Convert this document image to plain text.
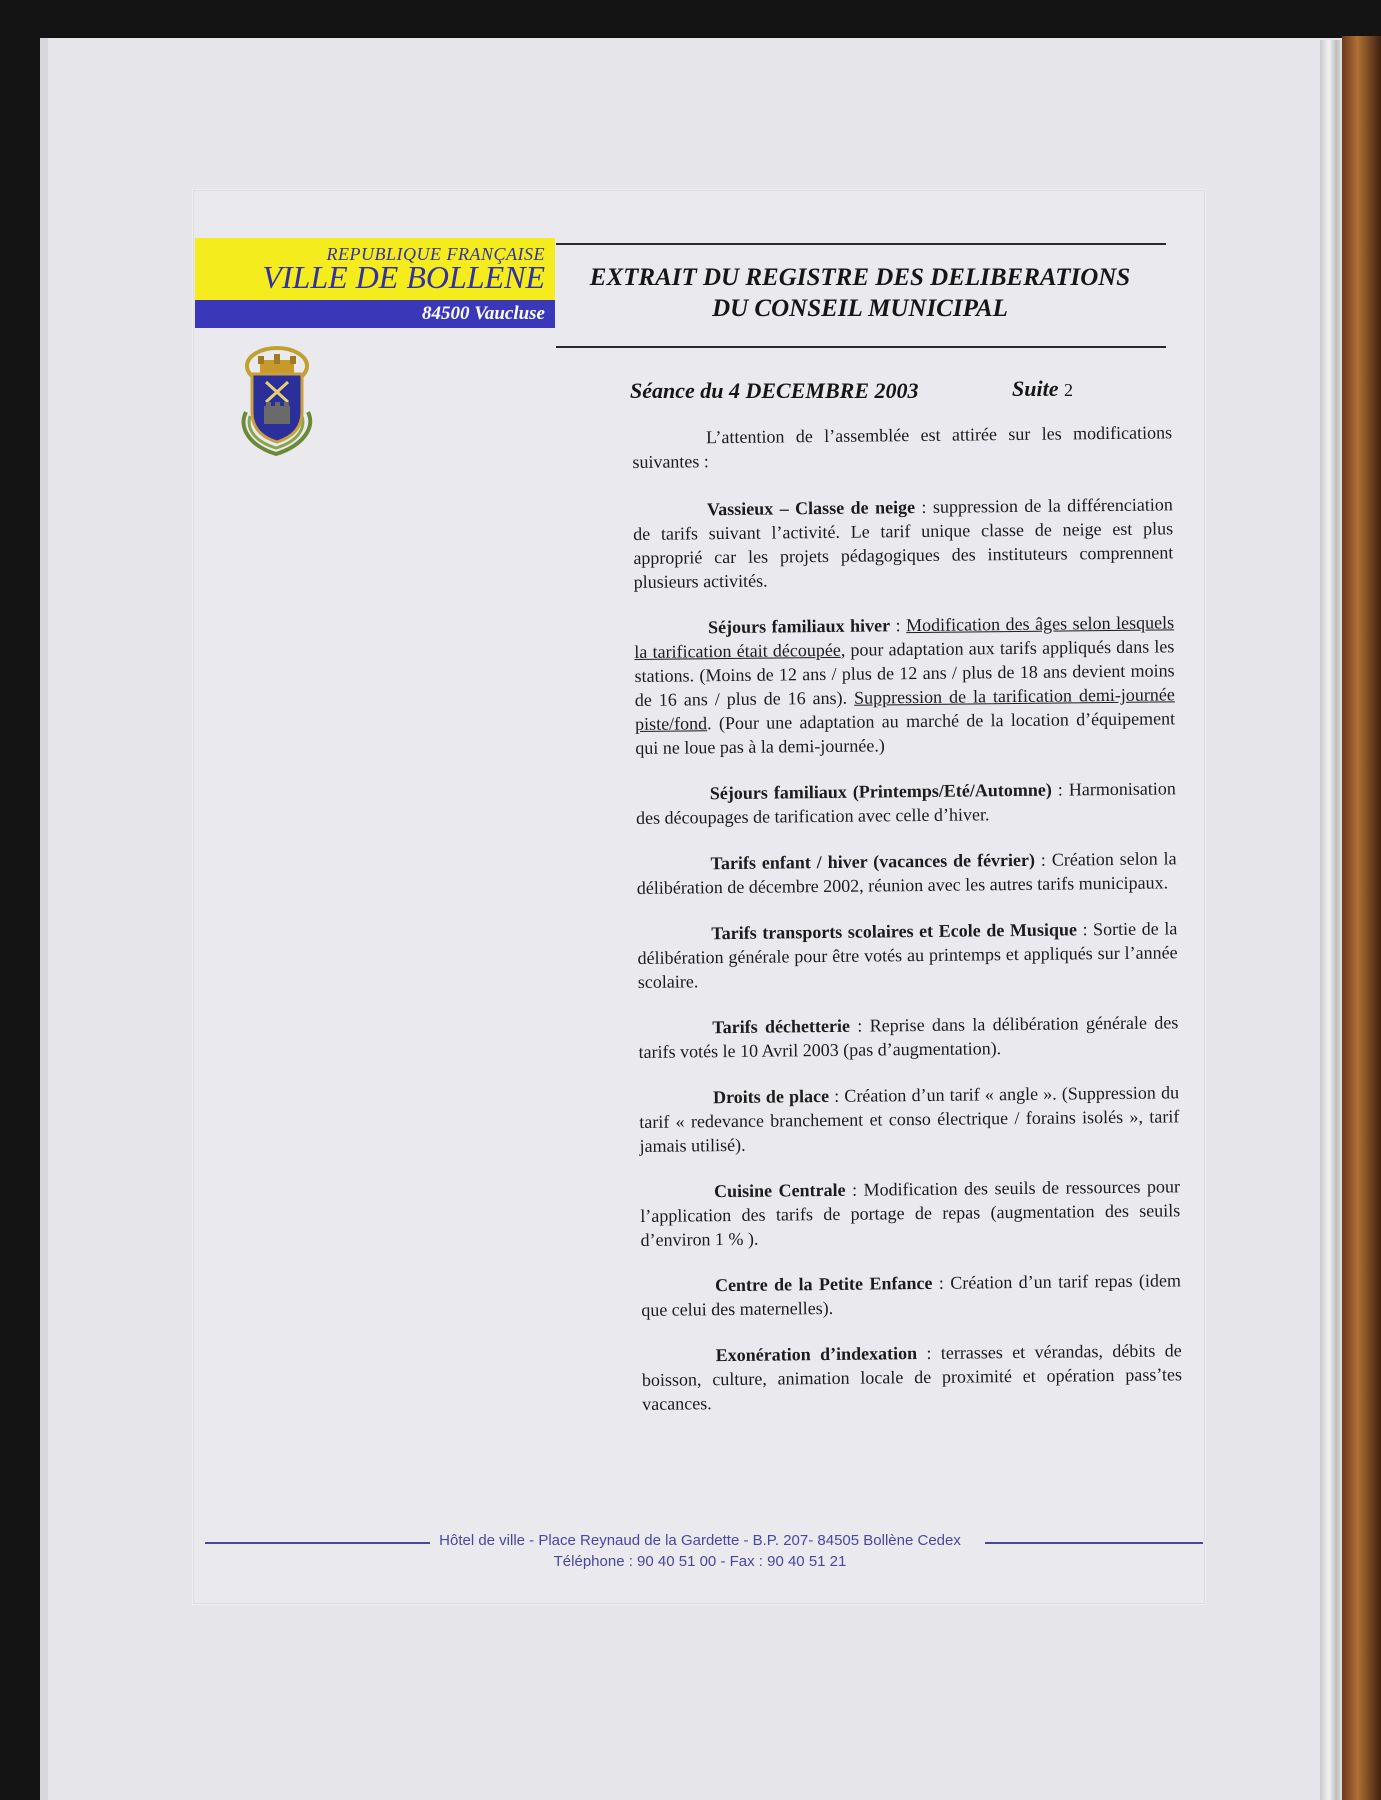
REPUBLIQUE FRANÇAISE
VILLE DE BOLLENE
84500 Vaucluse
EXTRAIT DU REGISTRE DES DELIBERATIONS
DU CONSEIL MUNICIPAL
Séance du 4 DECEMBRE 2003	Suite 2

L’attention de l’assemblée est attirée sur les modifications suivantes :

Vassieux – Classe de neige : suppression de la différenciation de tarifs suivant l’activité. Le tarif unique classe de neige est plus approprié car les projets pédagogiques des instituteurs comprennent plusieurs activités.

Séjours familiaux hiver : Modification des âges selon lesquels la tarification était découpée, pour adaptation aux tarifs appliqués dans les stations. (Moins de 12 ans / plus de 12 ans / plus de 18 ans devient moins de 16 ans / plus de 16 ans). Suppression de la tarification demi-journée piste/fond. (Pour une adaptation au marché de la location d’équipement qui ne loue pas à la demi-journée.)

Séjours familiaux (Printemps/Eté/Automne) : Harmonisation des découpages de tarification avec celle d’hiver.

Tarifs enfant / hiver (vacances de février) : Création selon la délibération de décembre 2002, réunion avec les autres tarifs municipaux.

Tarifs transports scolaires et Ecole de Musique : Sortie de la délibération générale pour être votés au printemps et appliqués sur l’année scolaire.

Tarifs déchetterie : Reprise dans la délibération générale des tarifs votés le 10 Avril 2003 (pas d’augmentation).

Droits de place : Création d’un tarif « angle ». (Suppression du tarif « redevance branchement et conso électrique / forains isolés », tarif jamais utilisé).

Cuisine Centrale : Modification des seuils de ressources pour l’application des tarifs de portage de repas (augmentation des seuils d’environ 1 % ).

Centre de la Petite Enfance : Création d’un tarif repas (idem que celui des maternelles).

Exonération d’indexation : terrasses et vérandas, débits de boisson, culture, animation locale de proximité et opération pass’tes vacances.

Hôtel de ville - Place Reynaud de la Gardette - B.P. 207- 84505 Bollène Cedex
Téléphone : 90 40 51 00 - Fax : 90 40 51 21
